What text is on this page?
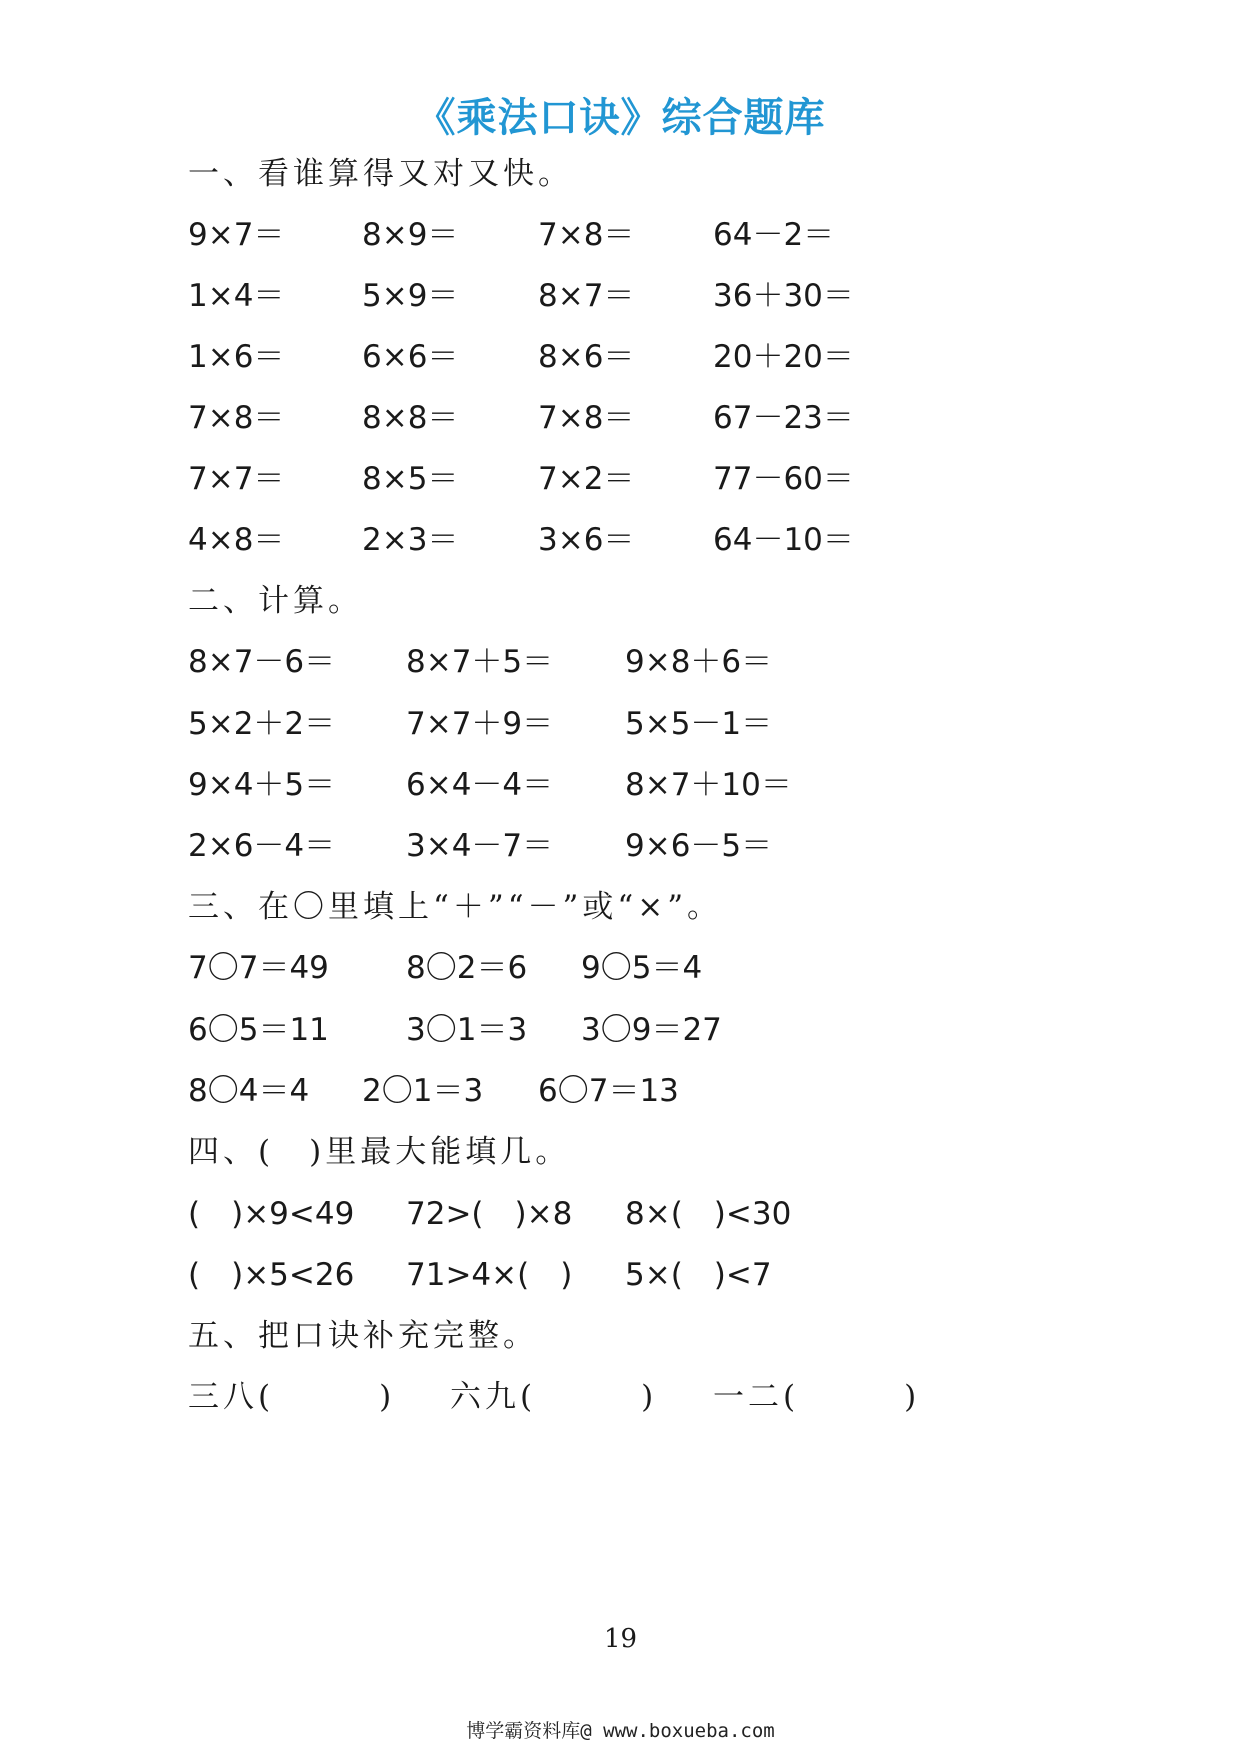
《乘法口诀》综合题库
一、看谁算得又对又快。
9×7＝	8×9＝	7×8＝	64－2＝
1×4＝	5×9＝	8×7＝	36＋30＝
1×6＝	6×6＝	8×6＝	20＋20＝
7×8＝	8×8＝	7×8＝	67－23＝
7×7＝	8×5＝	7×2＝	77－60＝
4×8＝	2×3＝	3×6＝	64－10＝
二、计算。
8×7－6＝ 8×7＋5＝ 9×8＋6＝
5×2＋2＝ 7×7＋9＝ 5×5－1＝
9×4＋5＝ 6×4－4＝ 8×7＋10＝
2×6－4＝ 3×4－7＝ 9×6－5＝
三、在〇里填上“＋”“－”或“×”。
7〇7＝49 8〇2＝6 9〇5＝4
6〇5＝11 3〇1＝3 3〇9＝27
8〇4＝4 2〇1＝3 6〇7＝13
四、(　)里最大能填几。
(　)×9<49 72>(　)×8 8×(　)<30
(　)×5<26 71>4×(　) 5×(　)<7
五、把口诀补充完整。
三八(　　　) 六九(　　　) 一二(　　　)
19
博学霸资料库@ www.boxueba.com
